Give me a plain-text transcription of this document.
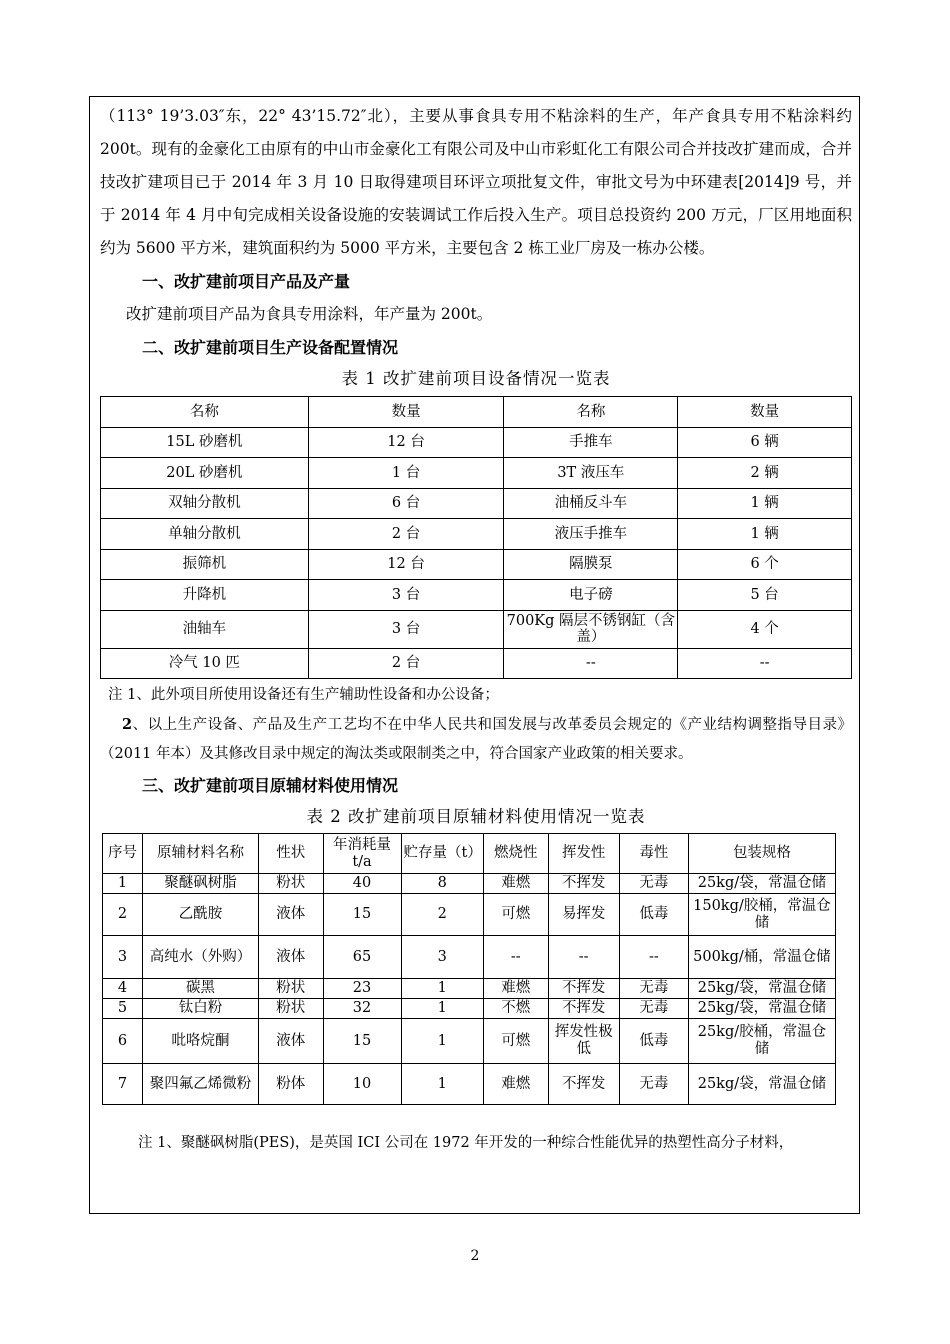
（113° 19’3.03″东，22° 43’15.72″北），主要从事食具专用不粘涂料的生产，年产食具专用不粘涂料约 200t。现有的金豪化工由原有的中山市金豪化工有限公司及中山市彩虹化工有限公司合并技改扩建而成，合并技改扩建项目已于 2014 年 3 月 10 日取得建项目环评立项批复文件，审批文号为中环建表[2014]9 号，并于 2014 年 4 月中旬完成相关设备设施的安装调试工作后投入生产。项目总投资约 200 万元，厂区用地面积约为 5600 平方米，建筑面积约为 5000 平方米，主要包含 2 栋工业厂房及一栋办公楼。

一、改扩建前项目产品及产量

改扩建前项目产品为食具专用涂料，年产量为 200t。

二、改扩建前项目生产设备配置情况
表 1 改扩建前项目设备情况一览表
名称	数量	名称	数量
15L 砂磨机	12 台	手推车	6 辆
20L 砂磨机	1 台	3T 液压车	2 辆
双轴分散机	6 台	油桶反斗车	1 辆
单轴分散机	2 台	液压手推车	1 辆
振筛机	12 台	隔膜泵	6 个
升降机	3 台	电子磅	5 台
油轴车	3 台	700Kg 隔层不锈钢缸（含盖）	4 个
冷气 10 匹	2 台	--	--

注 1、此外项目所使用设备还有生产辅助性设备和办公设备；

2、以上生产设备、产品及生产工艺均不在中华人民共和国发展与改革委员会规定的《产业结构调整指导目录》（2011 年本）及其修改目录中规定的淘汰类或限制类之中，符合国家产业政策的相关要求。

三、改扩建前项目原辅材料使用情况
表 2 改扩建前项目原辅材料使用情况一览表
序号	原辅材料名称	性状	年消耗量 t/a	贮存量（t）	燃烧性	挥发性	毒性	包装规格
1	聚醚砜树脂	粉状	40	8	难燃	不挥发	无毒	25kg/袋，常温仓储
2	乙酰胺	液体	15	2	可燃	易挥发	低毒	150kg/胶桶，常温仓储
3	高纯水（外购）	液体	65	3	--	--	--	500kg/桶，常温仓储
4	碳黑	粉状	23	1	难燃	不挥发	无毒	25kg/袋，常温仓储
5	钛白粉	粉状	32	1	不燃	不挥发	无毒	25kg/袋，常温仓储
6	吡咯烷酮	液体	15	1	可燃	挥发性极低	低毒	25kg/胶桶，常温仓储
7	聚四氟乙烯微粉	粉体	10	1	难燃	不挥发	无毒	25kg/袋，常温仓储

注 1、聚醚砜树脂(PES)，是英国 ICI 公司在 1972 年开发的一种综合性能优异的热塑性高分子材料，

2
